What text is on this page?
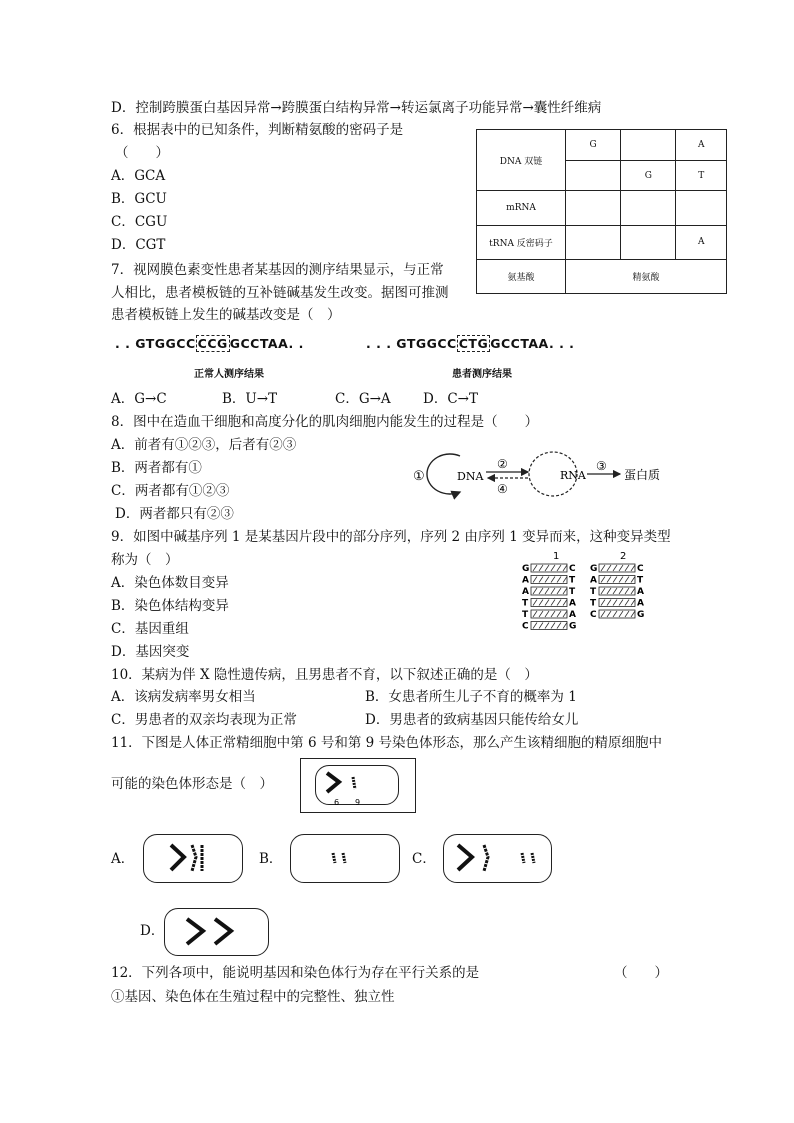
D．控制跨膜蛋白基因异常→跨膜蛋白结构异常→转运氯离子功能异常→囊性纤维病
6．根据表中的已知条件，判断精氨酸的密码子是
（　　）
A．GCA
B．GCU
C．CGU
D．CGT
DNA 双链	G		A
		G	T
mRNA			
tRNA 反密码子			A
氨基酸	精氨酸		
7．视网膜色素变性患者某基因的测序结果显示，与正常
人相比，患者模板链的互补链碱基发生改变。据图可推测
患者模板链上发生的碱基改变是（　）
. . GTGGCC CCG GCCTAA. .	. . . GTGGCC CTG GCCTAA. . .
正常人测序结果	患者测序结果
A．G→C	B．U→T	C．G→A D．C→T
8．图中在造血干细胞和高度分化的肌肉细胞内能发生的过程是（　　）
A．前者有①②③，后者有②③
B．两者都有①
C．两者都有①②③
D．两者都只有②③
①	DNA
②
④
RNA
③
蛋白质
9．如图中碱基序列 1 是某基因片段中的部分序列，序列 2 由序列 1 变异而来，这种变异类型
称为（　）
A．染色体数目变异
B．染色体结构变异
C．基因重组
D．基因突变
1	2
G	C
A	T
A	T
T	A
T	A
C	G
G	C
A	T
T	A
T	A
C	G
10．某病为伴 X 隐性遗传病，且男患者不育，以下叙述正确的是（　）
A．该病发病率男女相当	B．女患者所生儿子不育的概率为 1
C．男患者的双亲均表现为正常	D．男患者的致病基因只能传给女儿
11．下图是人体正常精细胞中第 6 号和第 9 号染色体形态，那么产生该精细胞的精原细胞中
可能的染色体形态是（　）
6 9
A．	B．	C．
D．
12．下列各项中，能说明基因和染色体行为存在平行关系的是	（　　）
①基因、染色体在生殖过程中的完整性、独立性
